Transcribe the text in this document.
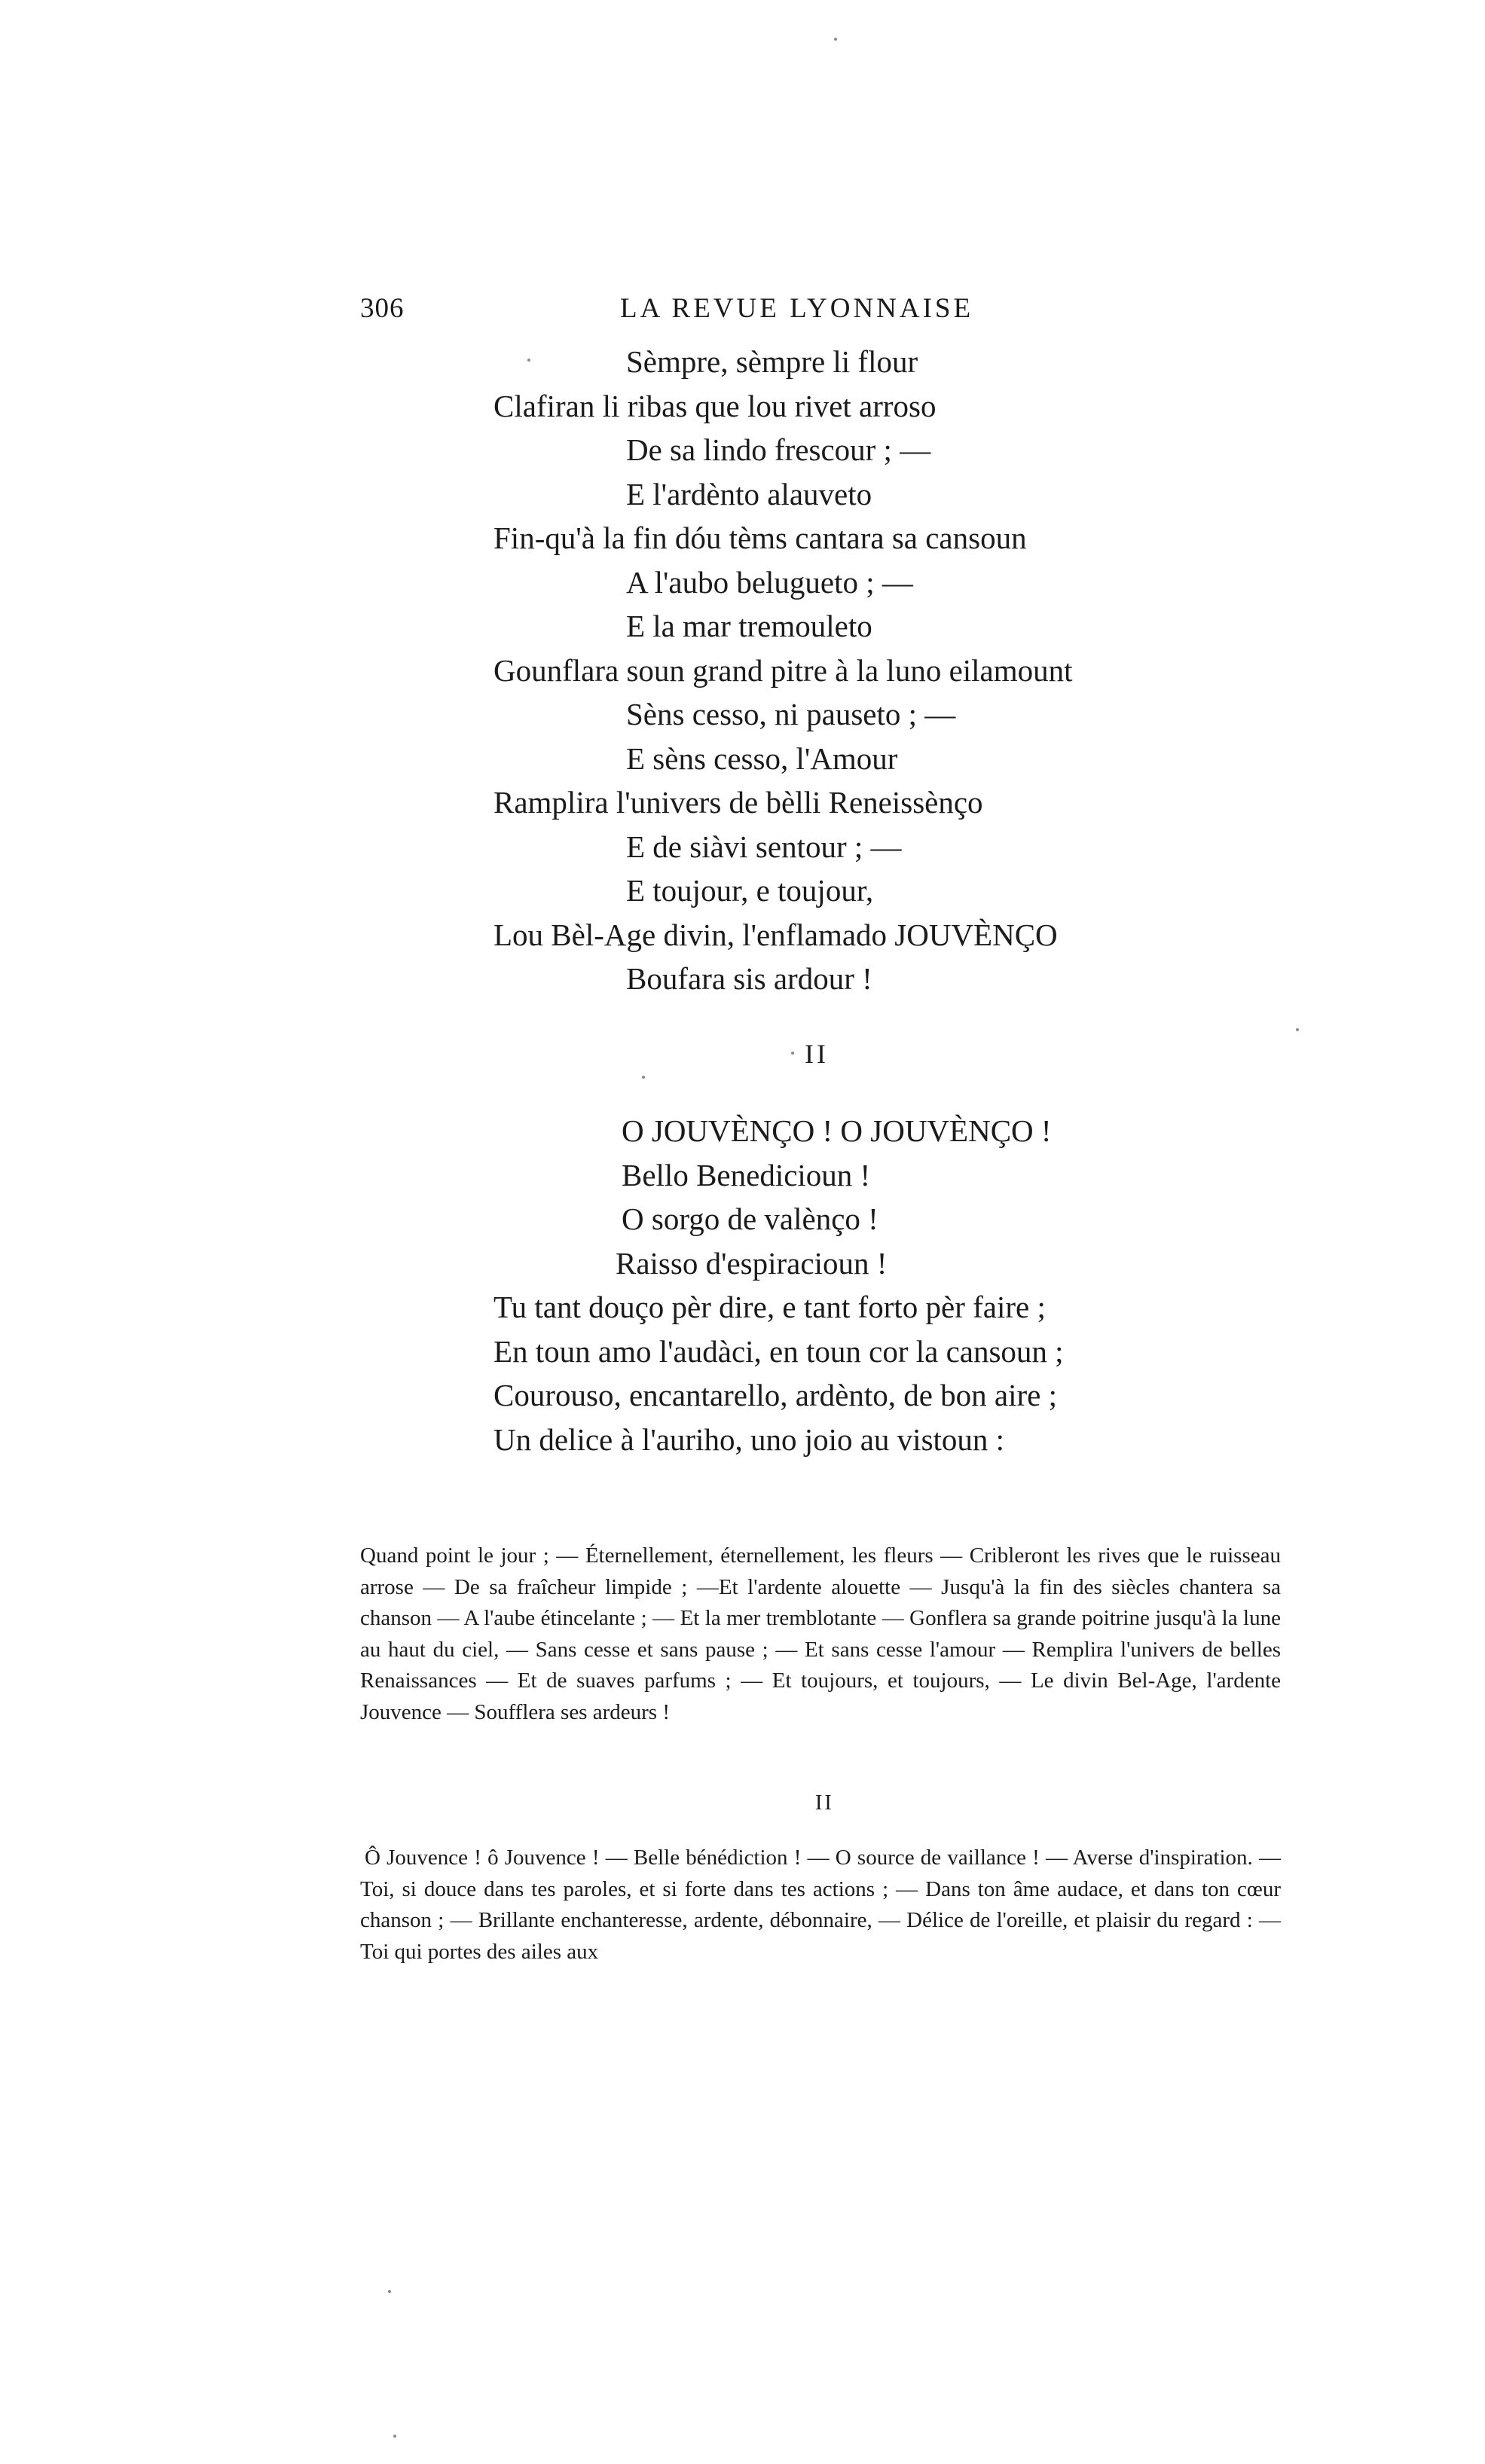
306	LA REVUE LYONNAISE
Sèmpre, sèmpre li flour
Clafiran li ribas que lou rivet arroso
De sa lindo frescour ; —
E l'ardènto alauveto
Fin-qu'à la fin dóu tèms cantara sa cansoun
A l'aubo belugueto ; —
E la mar tremouleto
Gounflara soun grand pitre à la luno eilamount
Sèns cesso, ni pauseto ; —
E sèns cesso, l'Amour
Ramplira l'univers de bèlli Reneissènço
E de siàvi sentour ; —
E toujour, e toujour,
Lou Bèl-Age divin, l'enflamado JOUVÈNÇO
Boufara sis ardour !
II
O JOUVÈNÇO ! O JOUVÈNÇO !
Bello Benedicioun !
O sorgo de valènço !
Raisso d'espiracioun !
Tu tant douço pèr dire, e tant forto pèr faire ;
En toun amo l'audàci, en toun cor la cansoun ;
Courouso, encantarello, ardènto, de bon aire ;
Un delice à l'auriho, uno joio au vistoun :
Quand point le jour ; — Éternellement, éternellement, les fleurs — Cribleront les rives que le ruisseau arrose — De sa fraîcheur limpide ; —Et l'ardente alouette — Jusqu'à la fin des siècles chantera sa chanson — A l'aube étincelante ; — Et la mer tremblotante — Gonflera sa grande poitrine jusqu'à la lune au haut du ciel, — Sans cesse et sans pause ; — Et sans cesse l'amour — Remplira l'univers de belles Renaissances — Et de suaves parfums ; — Et toujours, et toujours, — Le divin Bel-Age, l'ardente Jouvence — Soufflera ses ardeurs !
II
Ô Jouvence ! ô Jouvence ! — Belle bénédiction ! — O source de vaillance ! — Averse d'inspiration. — Toi, si douce dans tes paroles, et si forte dans tes actions ; — Dans ton âme audace, et dans ton cœur chanson ; — Brillante enchanteresse, ardente, débonnaire, — Délice de l'oreille, et plaisir du regard : — Toi qui portes des ailes aux
